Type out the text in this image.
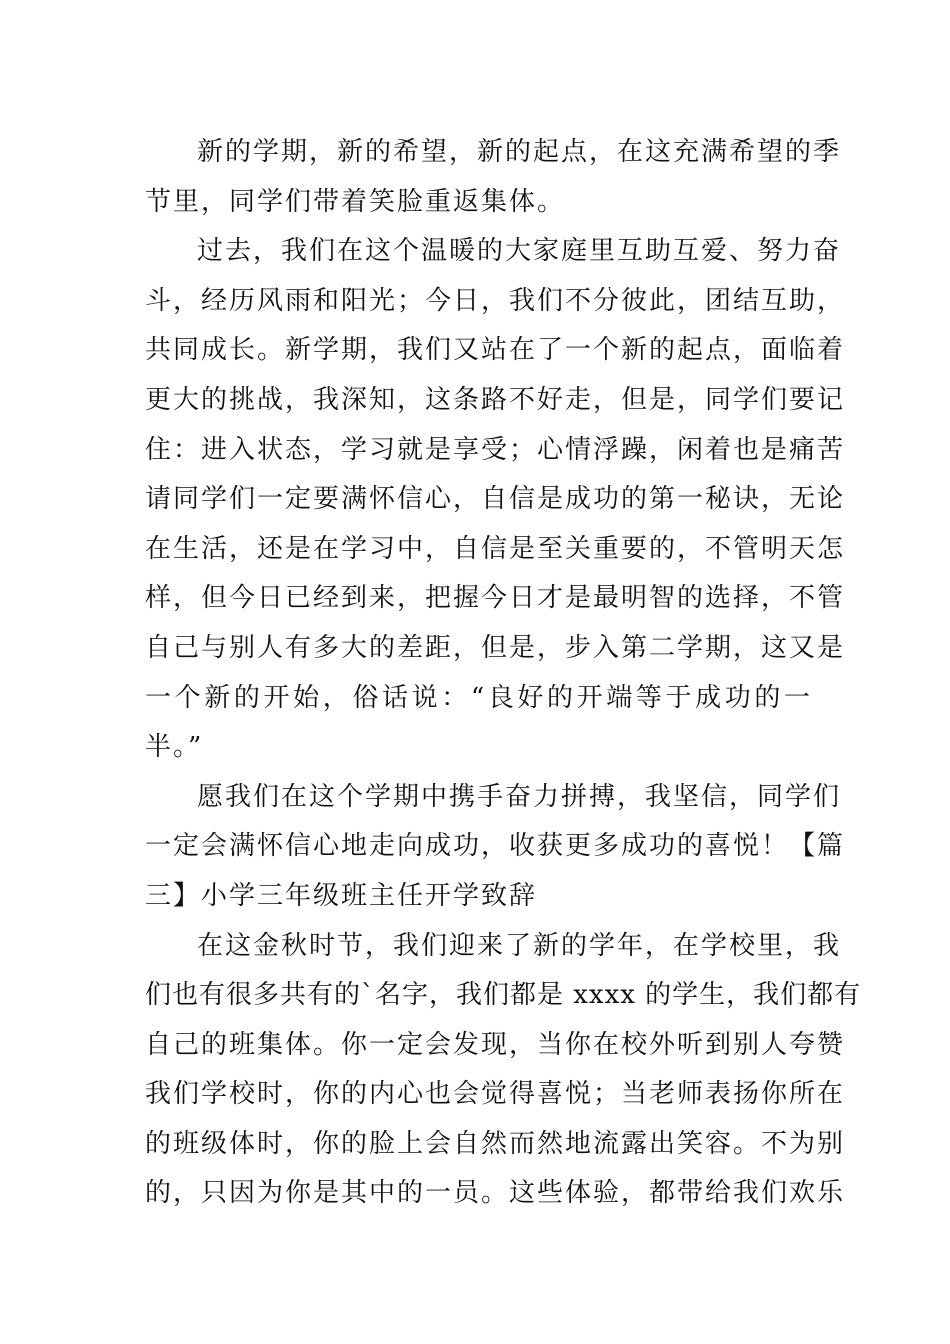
新的学期，新的希望，新的起点，在这充满希望的季
节里，同学们带着笑脸重返集体。
过去，我们在这个温暖的大家庭里互助互爱、努力奋
斗，经历风雨和阳光；今日，我们不分彼此，团结互助，
共同成长。新学期，我们又站在了一个新的起点，面临着
更大的挑战，我深知，这条路不好走，但是，同学们要记
住：进入状态，学习就是享受；心情浮躁，闲着也是痛苦
请同学们一定要满怀信心，自信是成功的第一秘诀，无论
在生活，还是在学习中，自信是至关重要的，不管明天怎
样，但今日已经到来，把握今日才是最明智的选择，不管
自己与别人有多大的差距，但是，步入第二学期，这又是
一个新的开始，俗话说：“良好的开端等于成功的一
半。”
愿我们在这个学期中携手奋力拼搏，我坚信，同学们
一定会满怀信心地走向成功，收获更多成功的喜悦！【篇
三】小学三年级班主任开学致辞
在这金秋时节，我们迎来了新的学年，在学校里，我
们也有很多共有的`名字，我们都是 xxxx 的学生，我们都有
自己的班集体。你一定会发现，当你在校外听到别人夸赞
我们学校时，你的内心也会觉得喜悦；当老师表扬你所在
的班级体时，你的脸上会自然而然地流露出笑容。不为别
的，只因为你是其中的一员。这些体验，都带给我们欢乐
